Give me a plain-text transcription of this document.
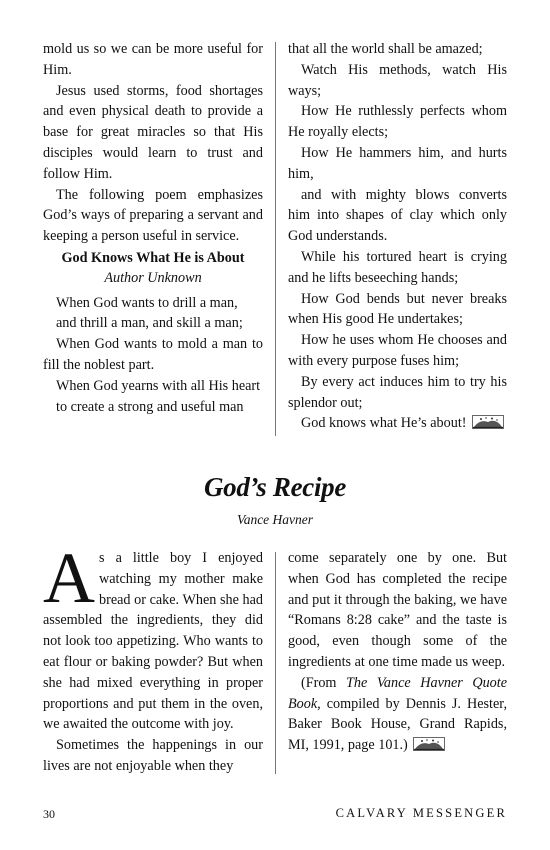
mold us so we can be more useful for Him.

Jesus used storms, food shortages and even physical death to provide a base for great miracles so that His disciples would learn to trust and follow Him.

The following poem emphasizes God’s ways of preparing a servant and keeping a person useful in service.

God Knows What He is About

Author Unknown

When God wants to drill a man,

and thrill a man, and skill a man;

When God wants to mold a man to fill the noblest part.

When God yearns with all His heart

to create a strong and useful man

that all the world shall be amazed;

Watch His methods, watch His ways;

How He ruthlessly perfects whom He royally elects;

How He hammers him, and hurts him,

and with mighty blows converts him into shapes of clay which only God understands.

While his tortured heart is crying and he lifts beseeching hands;

How God bends but never breaks when His good He undertakes;

How he uses whom He chooses and with every purpose fuses him;

By every act induces him to try his splendor out;

God knows what He’s about!

God’s Recipe
Vance Havner

As a little boy I enjoyed watching my mother make bread or cake. When she had assembled the ingredients, they did not look too appetizing. Who wants to eat flour or baking powder? But when she had mixed everything in proper proportions and put them in the oven, we awaited the outcome with joy.

Sometimes the happenings in our lives are not enjoyable when they

come separately one by one. But when God has completed the recipe and put it through the baking, we have “Romans 8:28 cake” and the taste is good, even though some of the ingredients at one time made us weep.

(From The Vance Havner Quote Book, compiled by Dennis J. Hester, Baker Book House, Grand Rapids, MI, 1991, page 101.)

30	CALVARY MESSENGER
